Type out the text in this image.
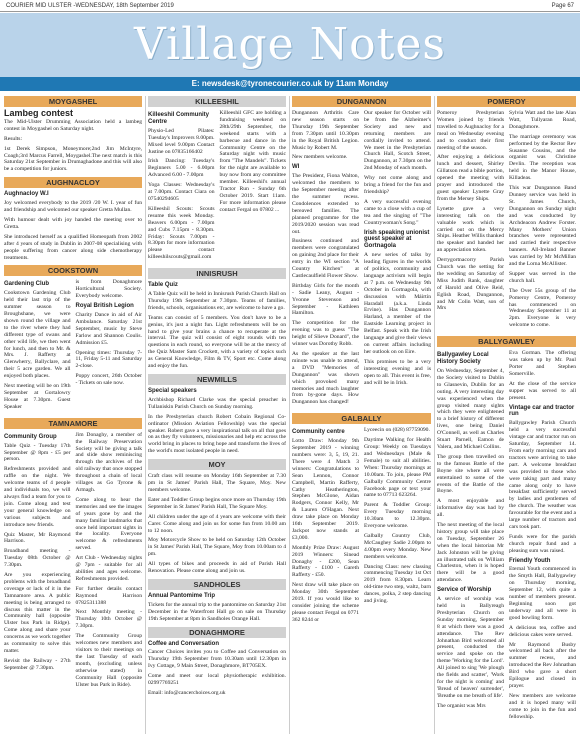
COURIER MID ULSTER -WEDNESDAY, 18th September 2019	Page 67
Village Notes
E: newsdesk@tyronecourier.co.uk by 11am Monday
MOYGASHEL
Lambeg contest

The Mid-Ulster Drumming Association held a lambeg contest in Moygashel on Saturday night.

Results:

1st Derek Simpson, Moneymore;2nd Jim McIntyre, Coagh;3rd Marcus Farrell, Moygashel.The next match is this Saturday 21st September in Drumaghadone and this will also be a competition for juniors.

AUGHNACLOY
Aughnacloy W.I

Joy welcomed everybody to the 2019 /20 W. I. year of fun and friendship and welcomed our speaker Gretta Mullan.

With humour dealt with joy handed the meeting over to Gretta.

She introduced herself as a qualified Homeopath from 2002 after 4 years of study in Dublin in 2007-08 specialising with people suffering from cancer along side chemotherapy treatments.

COOKSTOWN
Gardening Club

Cookstown Gardening Club held their last trip of the summer season to Broughshane, we were shown round the village and to the river where they had different type of swans and other wild life, we then went for lunch, and then to Mr. & Mrs. J. Rafferty at Glenwherry, Ballyclare, and their 5 acre garden. We all enjoyed both places.

Next meeting will be on 19th September at Gortalowry House at 7.30pm. Guest Speaker

is from Donaghmore Horticultural Society. Everybody welcome.

Royal British Legion

Charity Dance in aid of Air Ambulance. Saturday 21st September, music by Steve Farlow and Shannon Coulis. Admission £5.

Opening times: Thursday 7-11, Friday 5-11 and Saturday 2-close.

Poppy concert, 26th October - Tickets on sale now.

TAMNAMORE
Community Group

Table Quiz - Tuesday 17th September @ 8pm - £5 per person.

Refreshments provided and raffle on the night. We welcome teams of 4 people and individuals too, we will always find a team for you to join. Come along and test your general knowledge on various subjects and introduce new friends.

Quiz Master, Mr Raymond Harrison.

Broadband meeting - Tuesday 08th October @ 7.30pm.

Are you experiencing problems with the broadband coverage or lack of it in the Tamnamore area. A public meeting is being arranged to discuss this matter in the Community hall (opposite Ulster bus Park in Ridge). Come along and share your concerns as we work together as community to solve this matter.

Revisit the Railway - 27th September @ 7.30pm.

Jim Donaghy, a member of the Railway Preservation Society will be giving a talk and slide show reminiscing through the archives of the old railway that once stopped throughout a chain of local villages as Go Tyrone & Armagh.

Come along to hear the memories and see the images of years gone by and the many familiar landmarks that once held important sights in the locality. Everyone welcome & refreshments served.

Art Club - Wednesday nights @ 7pm - suitable for all abilities and ages welcome. Refreshments provided.

For further details contact Raymond Harrison 07825311388

Next Monthly meeting - Thursday 10th October @ 7.30pm.

The Community Group welcomes new members and visitors to their meetings on the last Tuesday of each month, (excluding unless otherwise stated) in Community Hall (opposite Ulster bus Park in Ride).

KILLEESHIL
Killeeshil Community Centre

Physio-Led Pilates: Tuesday's Improvers 8.00pm. Mixed level 9.00pm Contact Justine on 07835166402

Irish Dancing: Tuesday's Beginners 5.00 - 6.00pm Advanced 6.00 - 7.00pm

Yoga Classes: Wednesday's at 7.00pm. Contact Ciara on 07540294605

Killeeshil Scouts: Scouts resume this week Monday. Beavers 6.00pm - 7.00pm and Cubs 7.15pm - 8.30pm. Friday: Scouts 7.00pm - 8.30pm for more information please contact killeeshilscouts@gmail.com

Killeeshil GFC are holding a fundraising weekend on 28th/29th September, the weekend starts with a barbecue and dance in the Community Centre on the Saturday night with music from "The Mandels". Tickets for the night are available to buy now from any committee member. Killeeshil's annual Tractor Run - Sunday 6th October 2019. Start 11am. For more information please contact Fergal on 07802 ...

INNISRUSH
Table Quiz

A Table Quiz will be held in Innisrush Parish Church Hall on Thursday 19th September at 7.30pm. Teams of families, friends, schools, organisations etc, are welcome to have a go.

Teams can consist of 5 members. You don't have to be a genius, it's just a night fun. Light refreshments will be on hand to give your brains a chance to recuperate at the interval. The quiz will consist of eight rounds with ten questions in each round, so everyone will be at the mercy of the Quiz Master Sam Crockett, with a variety of topics such as General Knowledge, Film & TV, Sport etc. Come along and enjoy the fun.

NEWMILLS
Special speakers

Archbishop Richard Clarke was the special preacher in Tullaniskin Parish Church on Sunday morning.

In the Presbyterian church Robert Cobain Regional Co-ordinator (Mission Aviation Fellowship) was the special speaker. Robert gave a very inspirational talk on all that goes on as they fly volunteers, missionaries and help etc across the world bring in places to bring hope and transform the lives of the world's most isolated people in need.

MOY

Craft class will resume on Monday 16th September at 7.30 pm in St James' Parish Hall, The Square, Moy. New members welcome.

Eater and Toddler Group begins once more on Thursday 19th September in St James' Parish Hall, The Square Moy.

All children under the age of 4 years are welcome with their Carer. Come along and join us for some fun from 10.00 am to 12 noon.

Moy Motorcycle Show to be held on Saturday 12th October in St James' Parish Hall, The Square, Moy from 10.00am to 4 pm.

All types of bikes and proceeds in aid of Parish Hall Renovation. Please come along and join us.

SANDHOLES
Annual Pantomime Trip

Tickets for the annual trip to the pantomime on Saturday 21st December in the Waterfront Hall go on sale on Thursday 19th September at 8pm in Sandholes Orange Hall.

DONAGHMORE
Coffee and Conversation

Cancer Choices invites you to Coffee and Conversation on Thursday 19th September from 10.30am until 12.30pm in Ivy Cottage, 9 Main Street, Donaghmore, BT705EX.

Come and meet our local physiotherapic exhibition. 02997769251

Email: info@cancerchoices.org.uk

DUNGANNON

Dungannon Arthritis Care new season starts on Thursday 19th September from 7.30pm until 10.30pm in the Royal British Legion. Music by Robert M.

New members welcome.

WI

The President, Fiona Walton, welcomed the members to the September meeting after the summer recess. Condolences extended to bereaved families. The planned programme for the 2019/2020 session was read out.

Business continued and members were congratulated on gaining 2nd place for their entry in the WI section "A Country Kitchen" at Castlecaulfield Flower Show.

Birthday Girls for the month - Sadie Leany, August - Yvonne Stevenson and September - Kathleen Hamilton.

The competition for the evening was to guess "The height of Slieve Donard", the winner was Dorothy Robb.

As the speaker at the last minute was unable to attend, a DVD "Memories of Dungannon" was shown which provoked many memories and much laughter from by-gone days. How Dungannon has changed!

Our speaker for October will be from the Alzheimer's Society and new and returning members are cordially invited to attend. We meet in the Presbyterian Church Hall, Scotch Street, Dungannon, at 7.30pm on the 2nd Monday of each month.

Why not come along and bring a friend for the fun and friendship?

A very successful evening came to a close with a cup of tea and the singing of "The Countrywoman's Song."

Irish speaking unionist guest speaker at Gortnagola

A new series of talks by leading figures in the worlds of politics, community and language activism will begin at 7 p.m. on Wednesday 9th October in Gortnagola, with discussion with Máirtín Haradall (a.k.a. Linda Ervine). Has Dungannon Harland, a member of the Eastside Learning project in Belfast. Speak with the Irish language and give their views on current affairs including her outlook on on Eire.

This promises to be a very interesting evening and is open to all. This event is free, and will be in Irish.

GALBALLY
Community centre

Lotto Draw: Monday 9th September 2019 - winning numbers were: 3, 5, 19, 21. There were 4 Match 3 winners: Congratulations to Sean Lennon, Connor Campbell, Martin Rafferty, Cathy Heatherington, Stephen McGlone, Aidan Rodgers, Connor Kelly, Mr & Lauren O'Hagan. Next draw take place on Monday 16th September 2019. Jackpot now stands at £3,000.

Monthly Prize Draw: August 2019 Winners: Sinead Donaghy - £200, Sean Rafferty - £100 - Gareth Rafferty - £50.

Next draw will take place on Monday 30th September 2019. If you would like to consider joining the scheme please contact Fergal on 0771 362 8244 or

Lyceecin on (028) 87759090.

Daytime Walking for Health Group: Weekly on Tuesdays and Wednesdays (Male & Female) to suit all abilities. When: Thursday mornings at 10.00am. To join, please PM Galbally Community Centre Facebook page or text your name to 07713 623264.

Parent & Toddler Group: Every Tuesday morning 10.30am to 12.30pm. Everyone welcome.

Galbally Country Club, McCaughey Sadie 2.00pm to 4.00pm every Monday. New members welcome.

Dancing Class: new classing commencing Tuesday 1st Oct 2019 from 8.30pm. Learn old-time two step, waltz, barn dances, polka, 2 step dancing and jiving.

POMEROY

Pomeroy Presbyterian Women joined by friends travelled to Aughnacloy for a meal on Wednesday evening and to conduct their first meeting of the season.

After enjoying a delicious lunch and dessert, Shirley Gillatson read a bible portion, opened the meeting with prayer and introduced the guest speaker Lynette Gray from the Mersey Ships.

Lynette gave a very interesting talk on the valuable work which is carried out on the Mercy Ships. Heather Willis thanked the speaker and handed her an appreciation token.

Derrygortnacorry Parish Church was the setting for the wedding on Saturday of Miss Judith Rank, daughter of Harold and Olive Reid, Eglish Road, Dungannon, and Mr Colin Watt, son of Mrs

Sylvia Watt and the late Alan Watt, Tullyaran Road, Donaghmore.

The marriage ceremony was performed by the Rector Rev Susanne Cousins, and the organist was Christine Devlin. The reception was held in the Manor House, Killadeas.

This war Dungannon Band Dunney service was held in St. James Church, Dungannon on Sunday night and was conducted by Archdeacon Andrew Forster. Many Mothers' Union branches were represented and carried their respective banners. All-Ireland Banner was carried by Mr McMillan and the Lorna McAllister.

Supper was served in the church hall.

The Over 55s group of the Pomeroy Centre, Pomeroy has commenced on Wednesday September 11 at 2pm. Everyone is very welcome to come.

BALLYGAWLEY
Ballygawley Local History Society

On Wednesday, September 4, the Society visited to Dublin to Glasnevin, Dublin for an outing. A very interesting day was experienced when the group visited many sights which they were enlightened to a brief history of different lives, one being Daniel O'Connell, as well as Charles Stuart Parnell, Eamon de Valera, and Michael Collins.

The group then travelled on to the famous Battle of the Boyne site where all were entertained to some of the events of the Battle of the Boyne.

A most enjoyable and informative day was had by all.

The next meeting of the local history group will take place on Tuesday, September 26 when the local historian Mr Jack Johnston will be giving an illustrated talk on 'William Charleston, when it is hoped there will be a good attendance.

Service of Worship

A service of worship was held in Ballyreagh Presbyterian Church on Sunday morning, September 8 at which there was a good attendance. The Rev Johnathan Bird welcomed all present, conducted the service and spoke on the theme 'Working for the Lord'. All joined to sing 'We plough the fields and scatter', 'Work for the night is coming' and 'Bread of heaven' surrender', 'Breathe on me breath of life'.

The organist was Mrs

Eva Gorman. The offering was taken up by Mr. Paul Porter and Stephen Somerville.

At the close of the service supper was served to all present.

Vintage car and tractor run

Ballygawley Parish Church held a very successful vintage car and tractor run on Saturday, September 14. From early morning cars and tractors were arriving to take part. A welcome breakfast was provided to those who were taking part and many came along only to have breakfast sufficiently served by ladies and gentlemen of the church. The weather was favourable for the event and a large number of tractors and cars took part.

Funds were for the parish church repair fund and a pleasing sum was raised.

Friendly Youth

Eternal Youth commenced in the Smyth Hall, Ballygawley on Thursday morning, September 12, with quite a number of members present. Beginning soon got underway and all were in good bowling form.

A delicious tea, coffee and delicious cakes were served.

Mr Raymond Busby welcomed all back after the summer recess, and introduced the Rev Johnathan Bird who gave a short Epilogue and closed in prayer.

New members are welcome and it is hoped many will come to join in the fun and fellowship.
